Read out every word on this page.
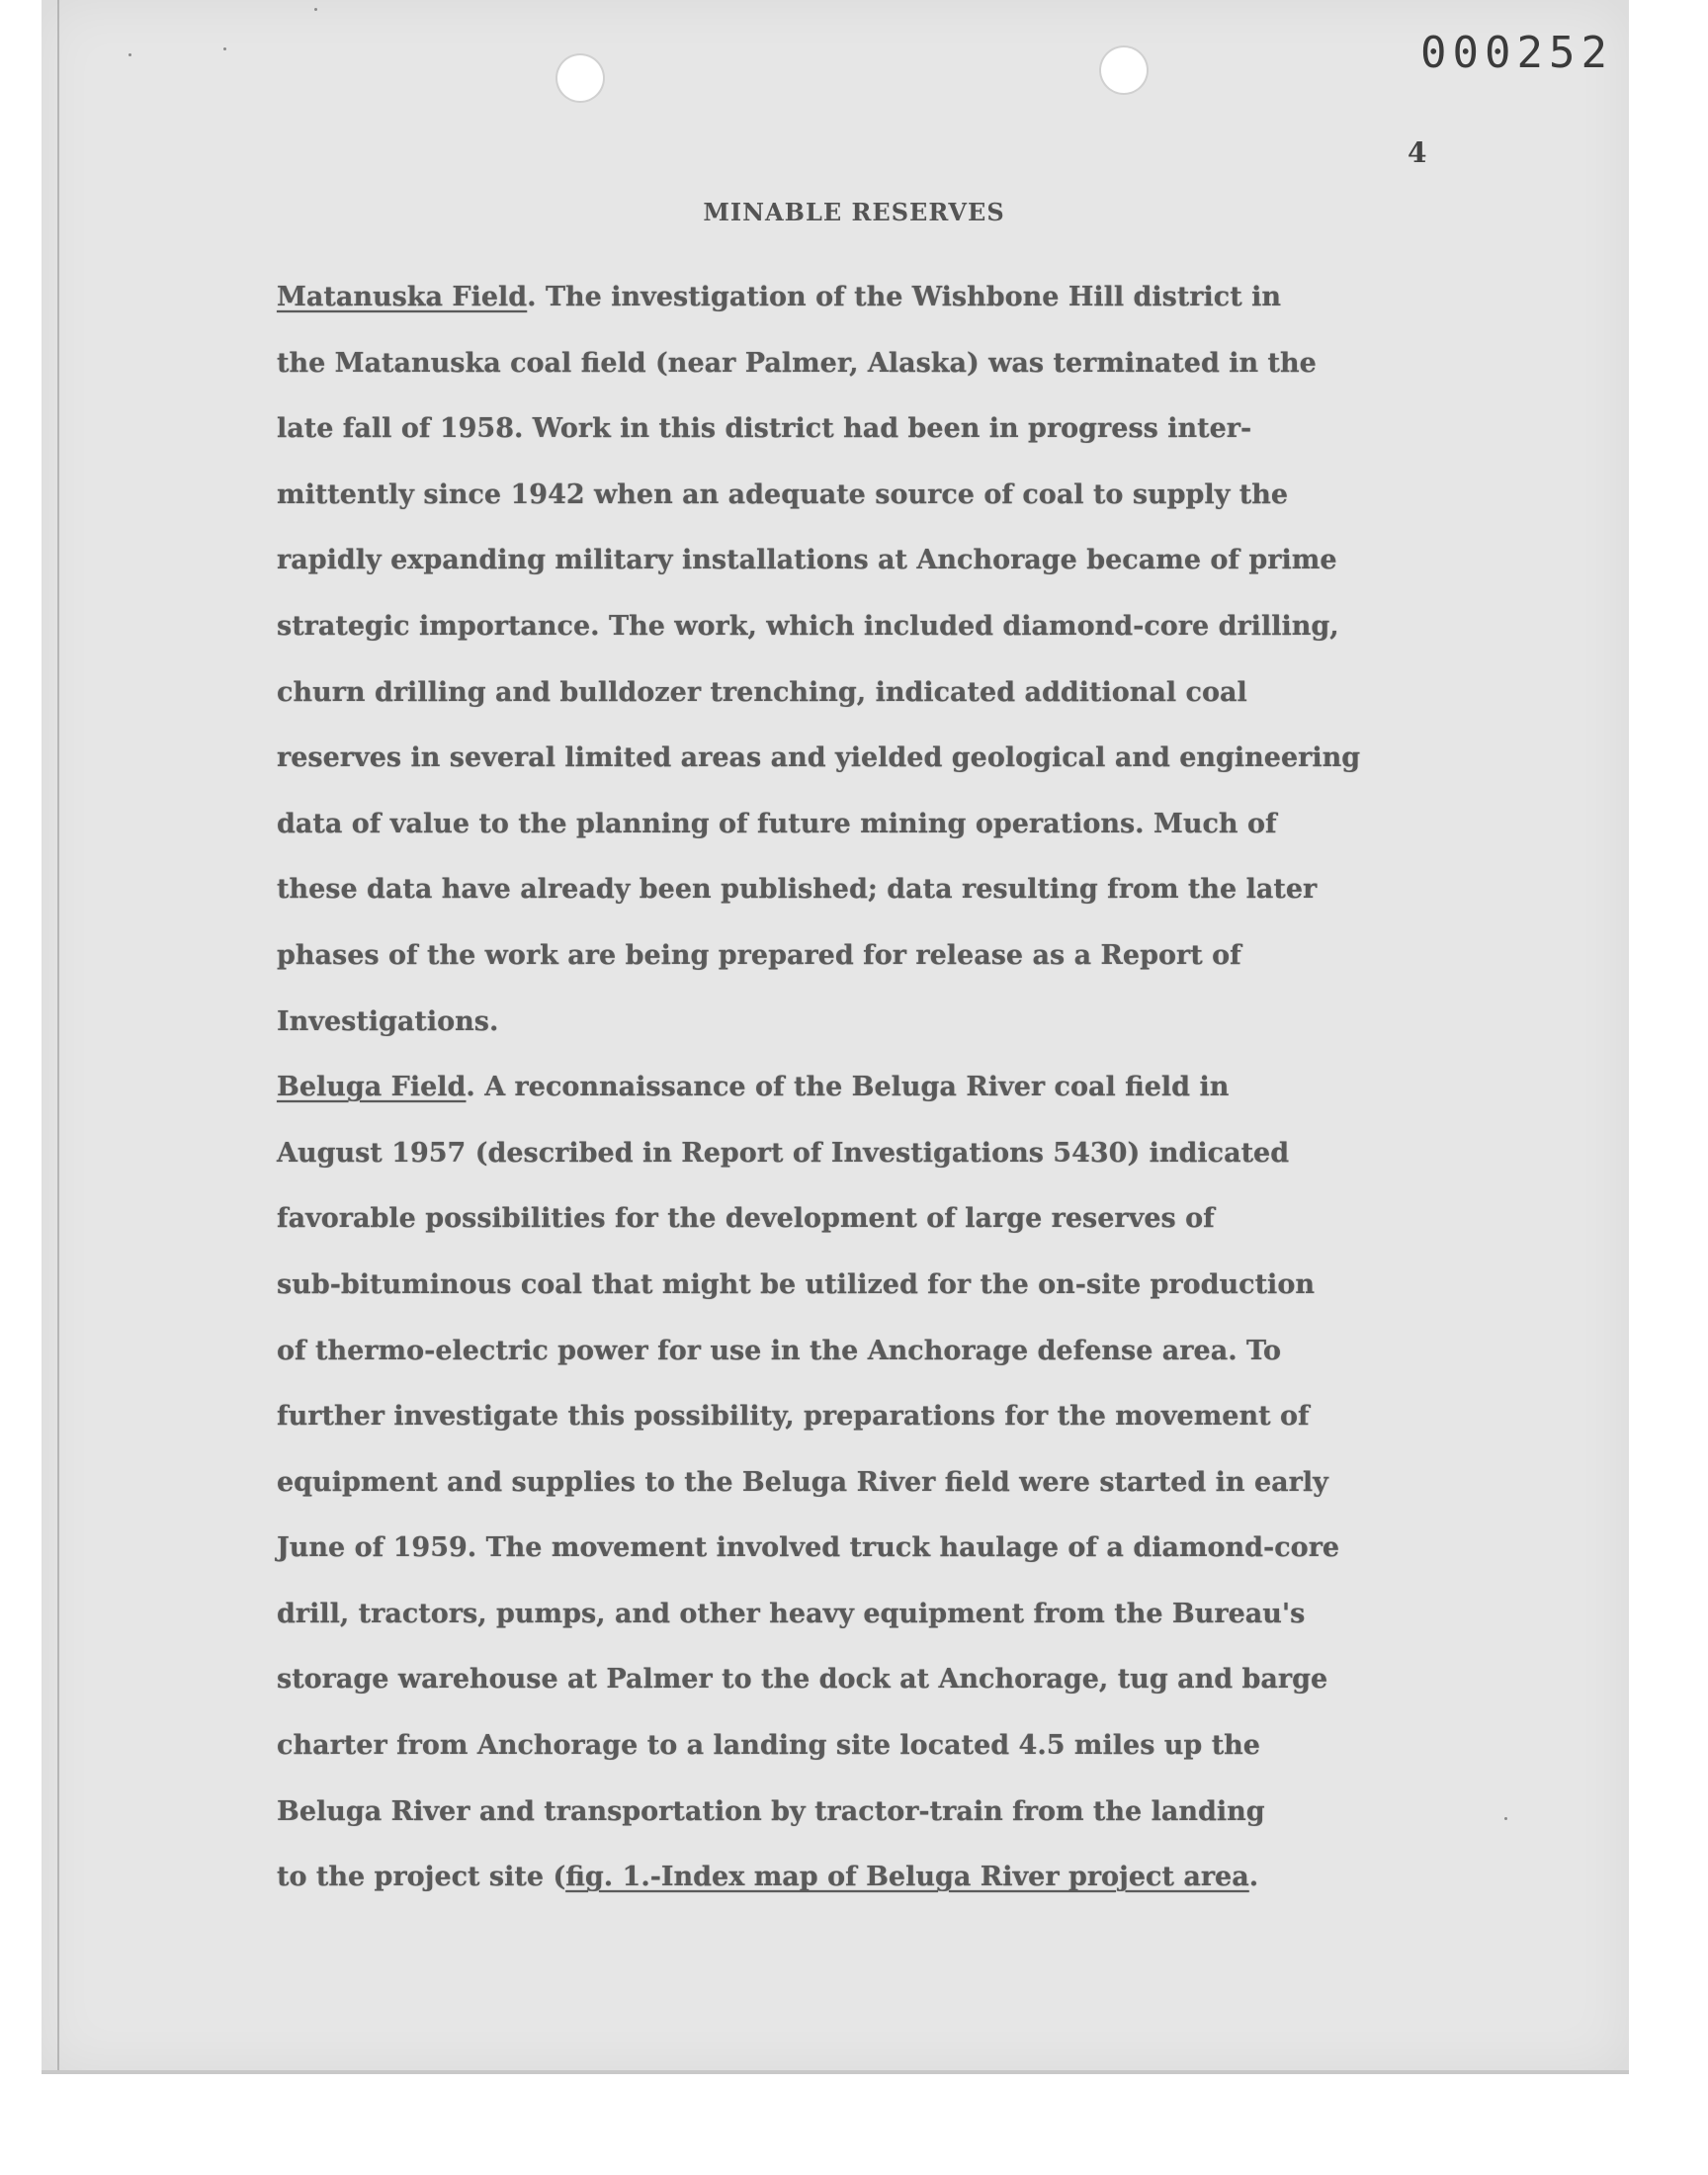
000252
4
MINABLE RESERVES
Matanuska Field. The investigation of the Wishbone Hill district in
the Matanuska coal field (near Palmer, Alaska) was terminated in the
late fall of 1958. Work in this district had been in progress inter-
mittently since 1942 when an adequate source of coal to supply the
rapidly expanding military installations at Anchorage became of prime
strategic importance. The work, which included diamond-core drilling,
churn drilling and bulldozer trenching, indicated additional coal
reserves in several limited areas and yielded geological and engineering
data of value to the planning of future mining operations. Much of
these data have already been published; data resulting from the later
phases of the work are being prepared for release as a Report of
Investigations.
Beluga Field. A reconnaissance of the Beluga River coal field in
August 1957 (described in Report of Investigations 5430) indicated
favorable possibilities for the development of large reserves of
sub-bituminous coal that might be utilized for the on-site production
of thermo-electric power for use in the Anchorage defense area. To
further investigate this possibility, preparations for the movement of
equipment and supplies to the Beluga River field were started in early
June of 1959. The movement involved truck haulage of a diamond-core
drill, tractors, pumps, and other heavy equipment from the Bureau's
storage warehouse at Palmer to the dock at Anchorage, tug and barge
charter from Anchorage to a landing site located 4.5 miles up the
Beluga River and transportation by tractor-train from the landing
to the project site (fig. 1.-Index map of Beluga River project area.
